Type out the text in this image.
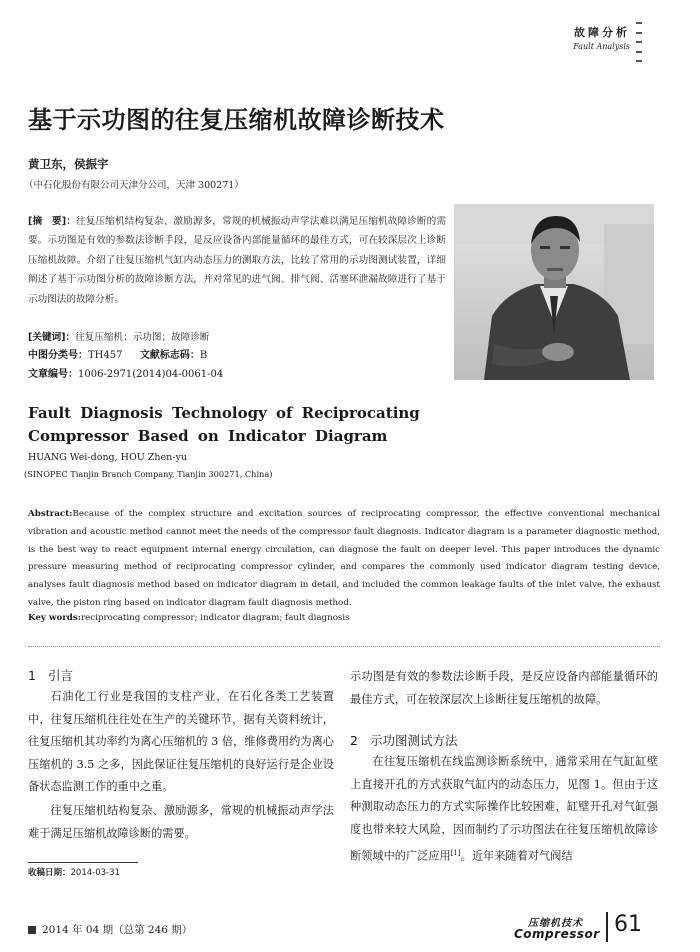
故障分析
Fault Analysis
基于示功图的往复压缩机故障诊断技术
黄卫东，侯振宇
（中石化股份有限公司天津分公司，天津 300271）
[摘　要]：往复压缩机结构复杂、激励源多，常规的机械振动声学法难以满足压缩机故障诊断的需要。示功图是有效的参数法诊断手段，是反应设备内部能量循环的最佳方式，可在较深层次上诊断压缩机故障。介绍了往复压缩机气缸内动态压力的测取方法，比较了常用的示功图测试装置，详细阐述了基于示功图分析的故障诊断方法，并对常见的进气阀、排气阀、活塞环泄漏故障进行了基于示功图法的故障分析。
[关键词]：往复压缩机；示功图；故障诊断
中图分类号：TH457 文献标志码：B
文章编号：1006-2971(2014)04-0061-04
Fault Diagnosis Technology of Reciprocating Compressor Based on Indicator Diagram
HUANG Wei-dong, HOU Zhen-yu
(SINOPEC Tianjin Branch Company, Tianjin 300271, China)
Abstract:Because of the complex structure and excitation sources of reciprocating compressor, the effective conventional mechanical vibration and acoustic method cannot meet the needs of the compressor fault diagnosis. Indicator diagram is a parameter diagnostic method, is the best way to react equipment internal energy circulation, can diagnose the fault on deeper level. This paper introduces the dynamic pressure measuring method of reciprocating compressor cylinder, and compares the commonly used indicator diagram testing device, analyses fault diagnosis method based on indicator diagram in detail, and included the common leakage faults of the inlet valve, the exhaust valve, the piston ring based on indicator diagram fault diagnosis method.
Key words:reciprocating compressor; indicator diagram; fault diagnosis
1 引言

石油化工行业是我国的支柱产业，在石化各类工艺装置中，往复压缩机往往处在生产的关键环节，据有关资料统计，往复压缩机其功率约为离心压缩机的 3 倍，维修费用约为离心压缩机的 3.5 之多，因此保证往复压缩机的良好运行是企业设备状态监测工作的重中之重。

往复压缩机结构复杂、激励源多，常规的机械振动声学法难于满足压缩机故障诊断的需要。

示功图是有效的参数法诊断手段，是反应设备内部能量循环的最佳方式，可在较深层次上诊断往复压缩机的故障。

2 示功图测试方法

在往复压缩机在线监测诊断系统中，通常采用在气缸缸壁上直接开孔的方式获取气缸内的动态压力，见图 1。但由于这种测取动态压力的方式实际操作比较困难，缸壁开孔对气缸强度也带来较大风险，因而制约了示功图法在往复压缩机故障诊断领域中的广泛应用[1]。近年来随着对气阀结

收稿日期：2014-03-31
2014 年 04 期（总第 246 期）
压缩机技术
Compressor 61
